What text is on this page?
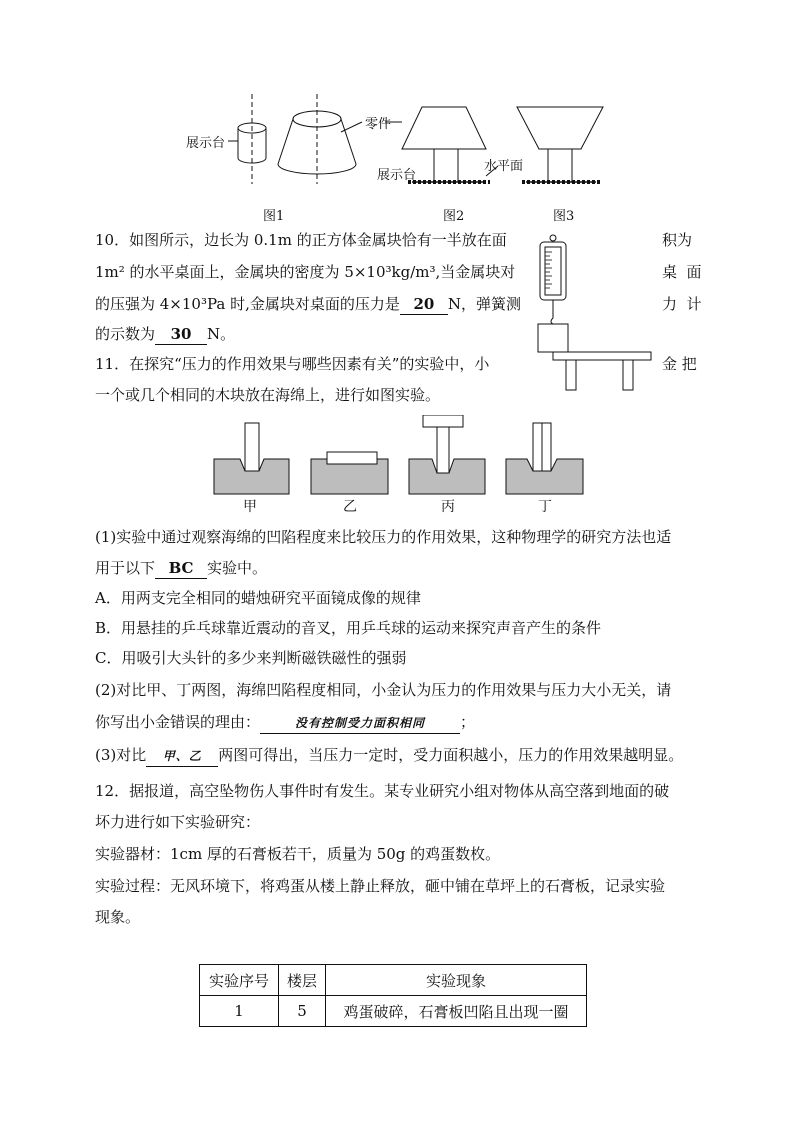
展示台
零件
展示台
水平面
图1	图2	图3
10．如图所示，边长为 0.1m 的正方体金属块恰有一半放在面	积为
1m² 的水平桌面上，金属块的密度为 5×10³kg/m³,当金属块对	桌  面
的压强为 4×10³Pa 时,金属块对桌面的压力是 20 N，弹簧测	力  计
的示数为 30 N。
11．在探究“压力的作用效果与哪些因素有关”的实验中，小	金 把
一个或几个相同的木块放在海绵上，进行如图实验。
甲	乙	丙	丁
(1)实验中通过观察海绵的凹陷程度来比较压力的作用效果，这种物理学的研究方法也适
用于以下 BC 实验中。
A．用两支完全相同的蜡烛研究平面镜成像的规律
B．用悬挂的乒乓球靠近震动的音叉，用乒乓球的运动来探究声音产生的条件
C．用吸引大头针的多少来判断磁铁磁性的强弱
(2)对比甲、丁两图，海绵凹陷程度相同，小金认为压力的作用效果与压力大小无关，请
你写出小金错误的理由：	没有控制受力面积相同 ；
(3)对比 甲、乙 两图可得出，当压力一定时，受力面积越小，压力的作用效果越明显。
12．据报道，高空坠物伤人事件时有发生。某专业研究小组对物体从高空落到地面的破
坏力进行如下实验研究：
实验器材：1cm 厚的石膏板若干，质量为 50g 的鸡蛋数枚。
实验过程：无风环境下，将鸡蛋从楼上静止释放，砸中铺在草坪上的石膏板，记录实验
现象。
实验序号	楼层	实验现象
1	5	鸡蛋破碎，石膏板凹陷且出现一圈
